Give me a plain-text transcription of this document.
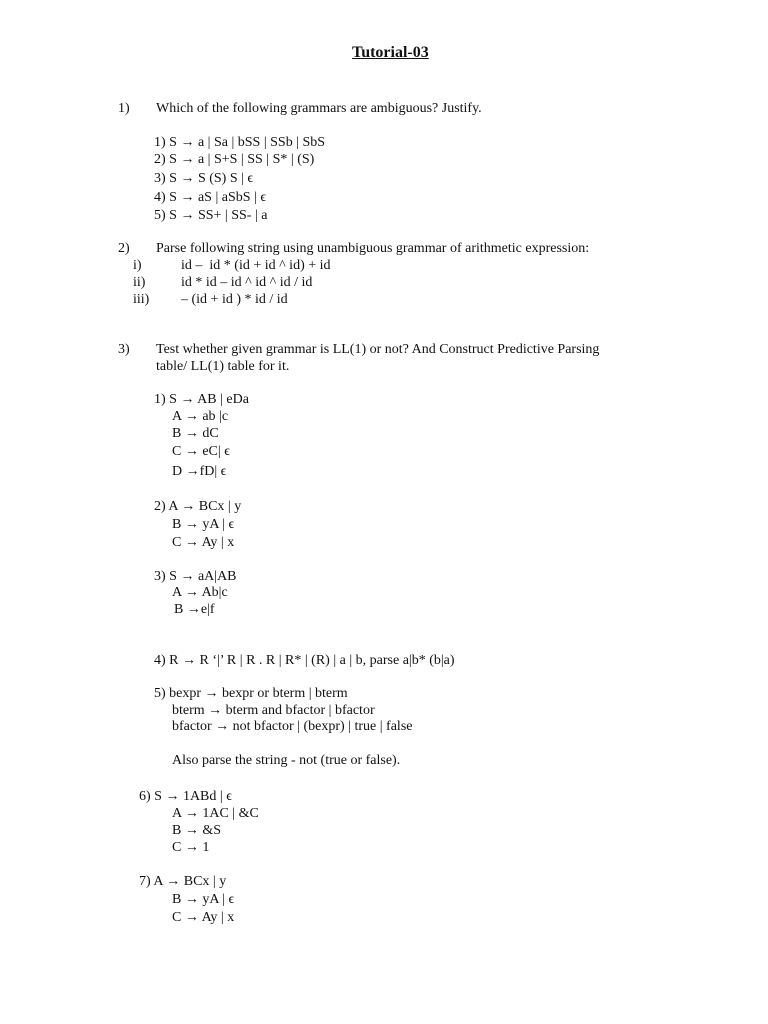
Tutorial-03
1) Which of the following grammars are ambiguous? Justify.
1) S → a | Sa | bSS | SSb | SbS
2) S → a | S+S | SS | S* | (S)
3) S → S (S) S | ϵ
4) S → aS | aSbS | ϵ
5) S → SS+ | SS- | a
2) Parse following string using unambiguous grammar of arithmetic expression:
i)	id –  id * (id + id ^ id) + id
ii)	id * id – id ^ id ^ id / id
iii) – (id + id ) * id / id
3) Test whether given grammar is LL(1) or not? And Construct Predictive Parsing
table/ LL(1) table for it.
1) S → AB | eDa
A → ab |c
B → dC
C → eC| ϵ
D →fD| ϵ
2) A → BCx | y
B → yA | ϵ
C → Ay | x
3) S → aA|AB
A → Ab|c
B →e|f
4) R → R ‘|’ R | R . R | R* | (R) | a | b, parse a|b* (b|a)
5) bexpr → bexpr or bterm | bterm
bterm → bterm and bfactor | bfactor
bfactor → not bfactor | (bexpr) | true | false
Also parse the string - not (true or false).
6) S → 1ABd | ϵ
A → 1AC | &C
B → &S
C → 1
7) A → BCx | y
B → yA | ϵ
C → Ay | x
